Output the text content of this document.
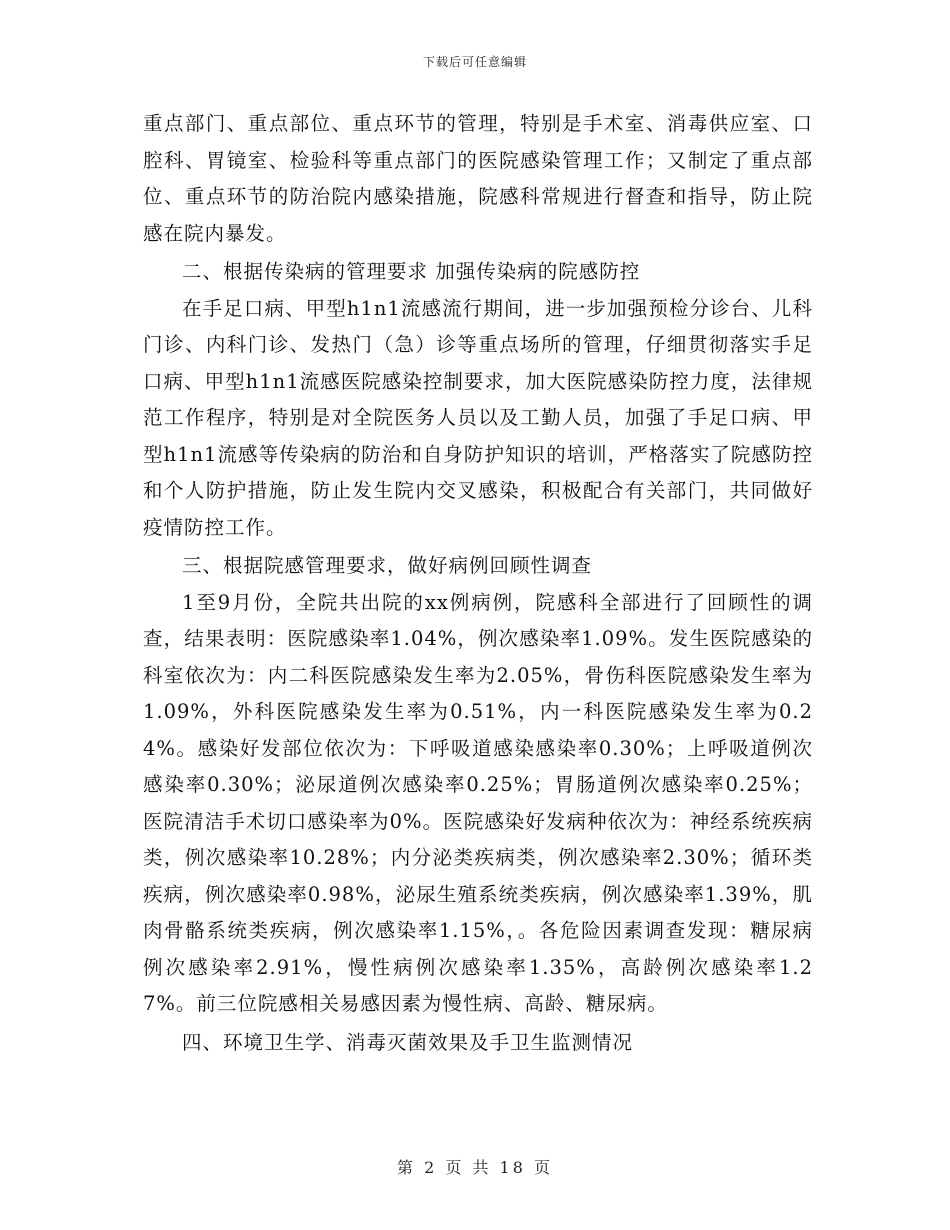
下载后可任意编辑

重点部门、重点部位、重点环节的管理，特别是手术室、消毒供应室、口腔科、胃镜室、检验科等重点部门的医院感染管理工作；又制定了重点部位、重点环节的防治院内感染措施，院感科常规进行督查和指导，防止院感在院内暴发。

二、根据传染病的管理要求 加强传染病的院感防控

在手足口病、甲型h1n1流感流行期间，进一步加强预检分诊台、儿科门诊、内科门诊、发热门（急）诊等重点场所的管理，仔细贯彻落实手足口病、甲型h1n1流感医院感染控制要求，加大医院感染防控力度，法律规范工作程序，特别是对全院医务人员以及工勤人员，加强了手足口病、甲型h1n1流感等传染病的防治和自身防护知识的培训，严格落实了院感防控和个人防护措施，防止发生院内交叉感染，积极配合有关部门，共同做好疫情防控工作。

三、根据院感管理要求，做好病例回顾性调查

1至9月份，全院共出院的xx例病例，院感科全部进行了回顾性的调查，结果表明：医院感染率1.04%，例次感染率1.09%。发生医院感染的科室依次为：内二科医院感染发生率为2.05%，骨伤科医院感染发生率为1.09%，外科医院感染发生率为0.51%，内一科医院感染发生率为0.24%。感染好发部位依次为：下呼吸道感染感染率0.30%；上呼吸道例次感染率0.30%；泌尿道例次感染率0.25%；胃肠道例次感染率0.25%；医院清洁手术切口感染率为0%。医院感染好发病种依次为：神经系统疾病类，例次感染率10.28%；内分泌类疾病类，例次感染率2.30%；循环类疾病，例次感染率0.98%，泌尿生殖系统类疾病，例次感染率1.39%，肌肉骨骼系统类疾病，例次感染率1.15%，。各危险因素调查发现：糖尿病例次感染率2.91%，慢性病例次感染率1.35%，高龄例次感染率1.27%。前三位院感相关易感因素为慢性病、高龄、糖尿病。

四、环境卫生学、消毒灭菌效果及手卫生监测情况

第 2 页 共 18 页
